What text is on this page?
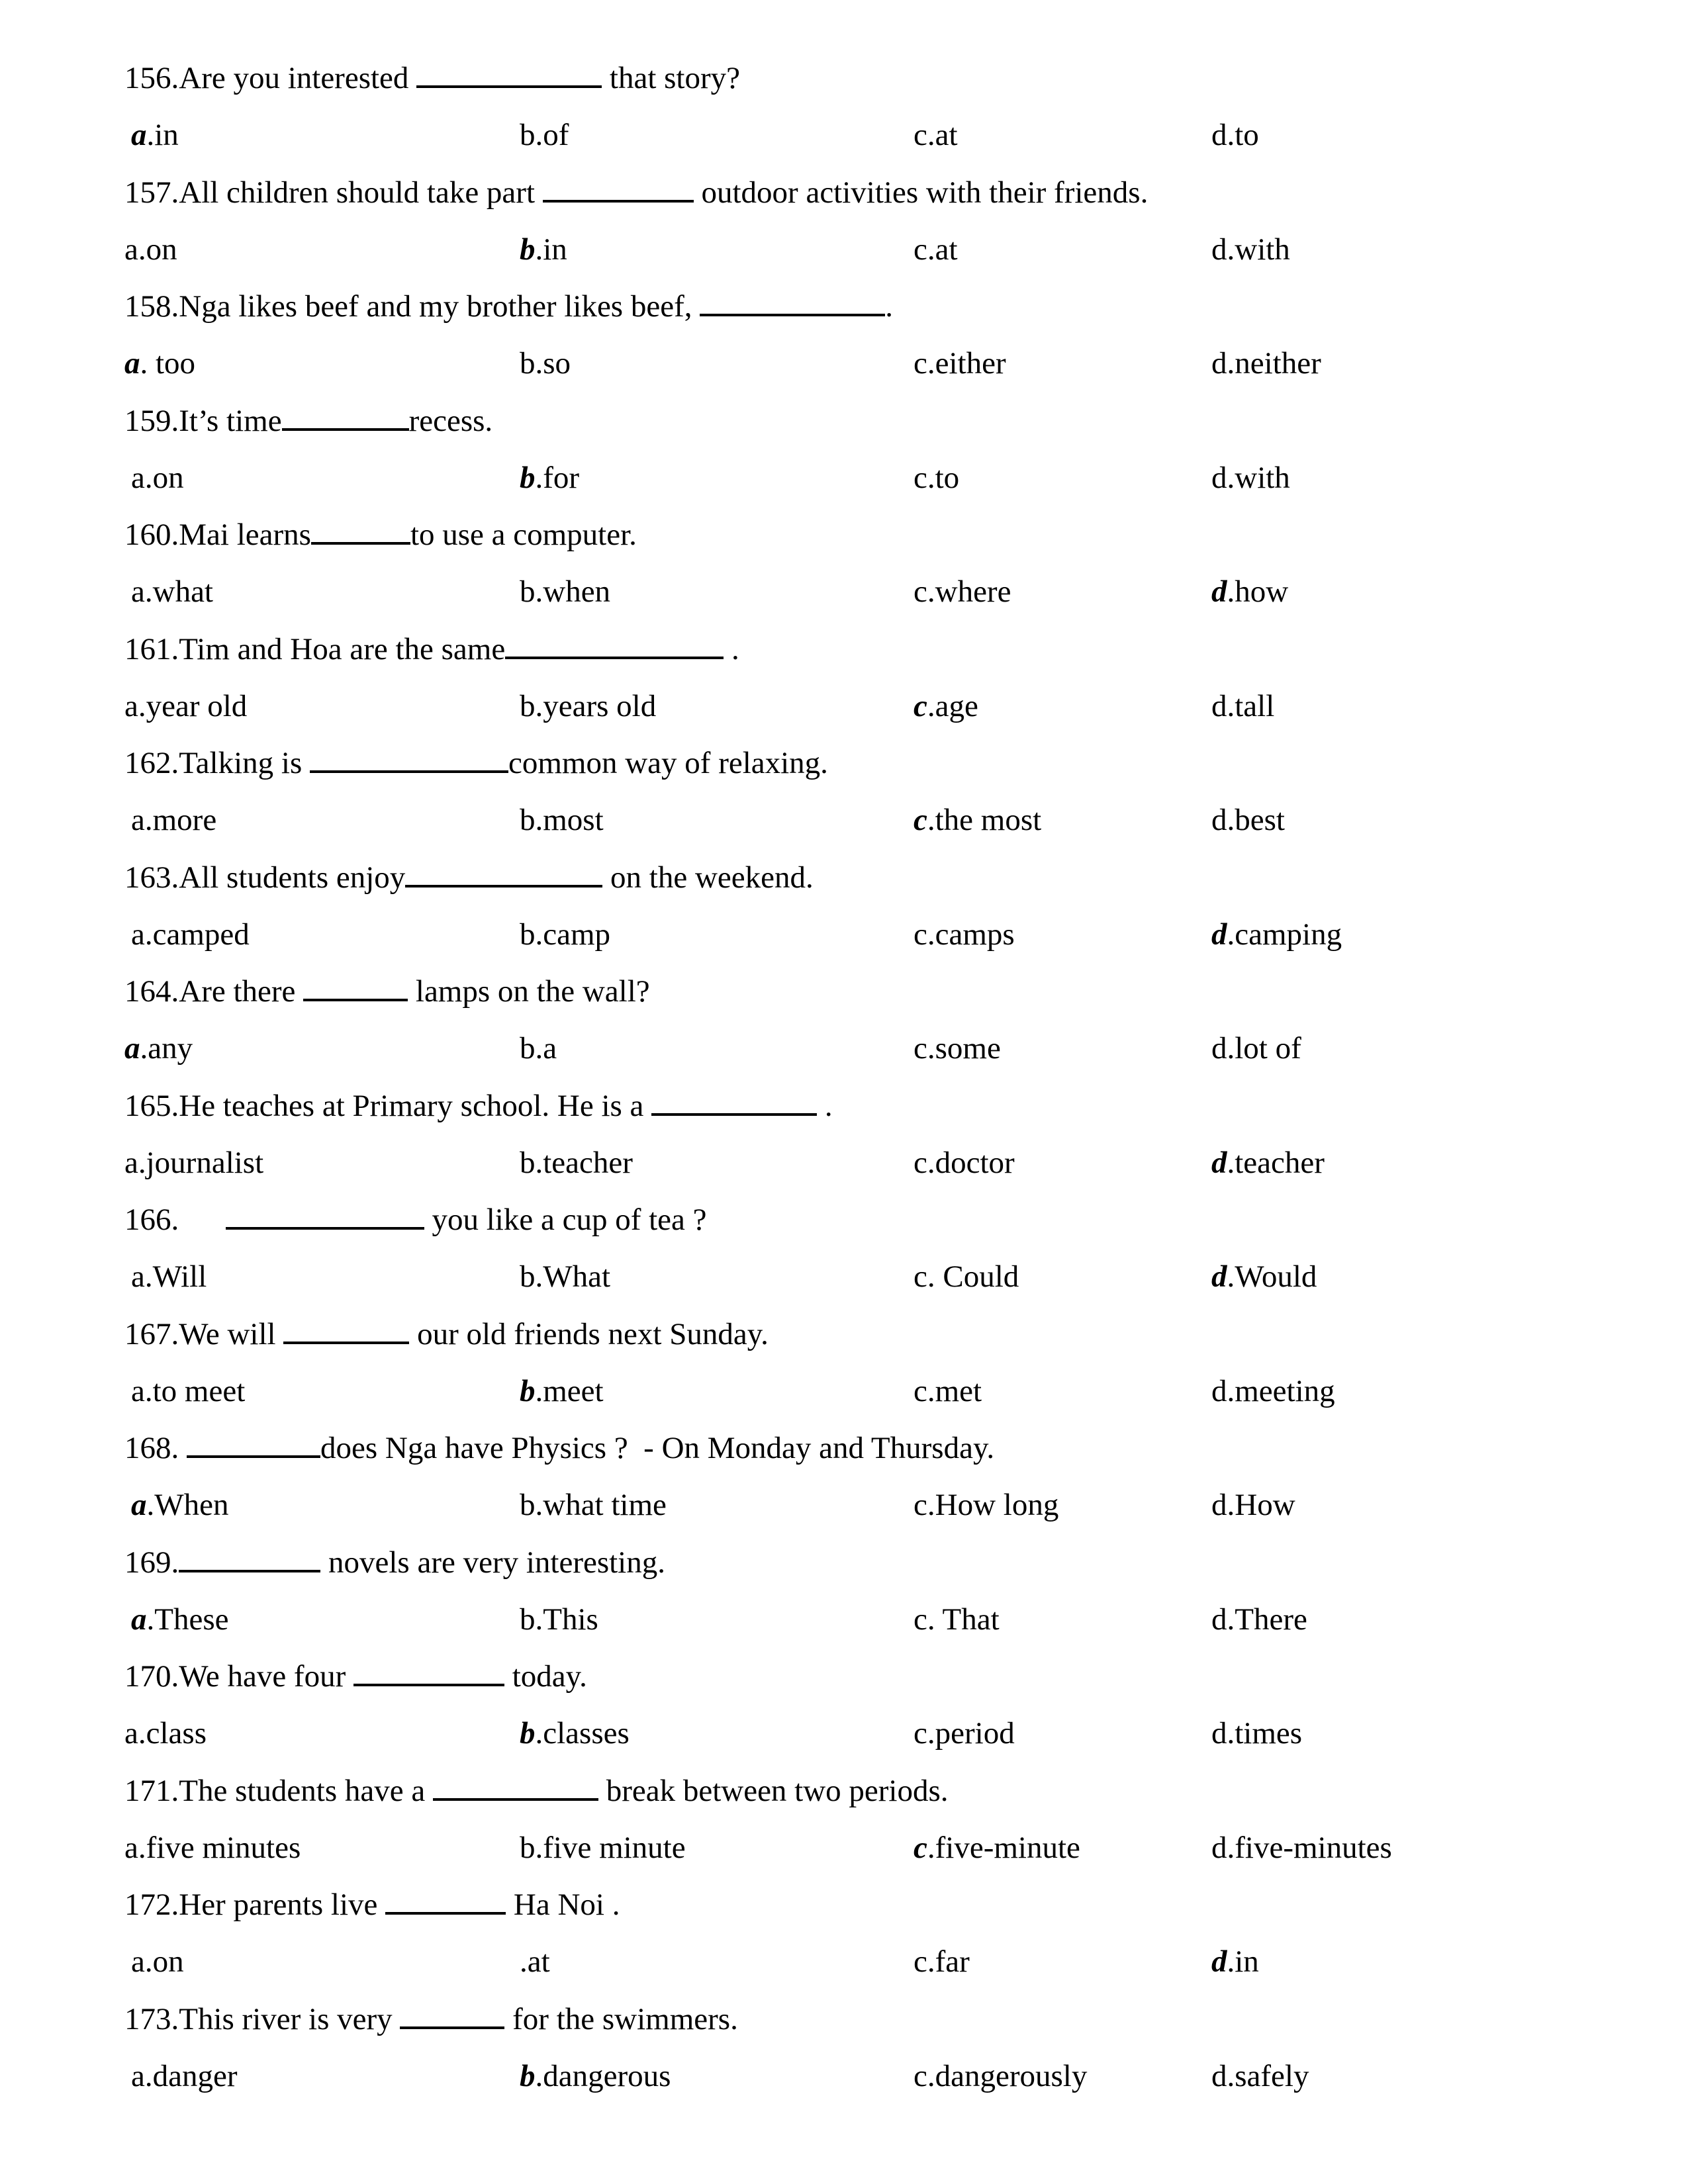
156.Are you interested	that story?
a.in	b.of	c.at	d.to
157.All children should take part	outdoor activities with their friends.
a.on	b.in	c.at	d.with
158.Nga likes beef and my brother likes beef,	.
a. too	b.so	c.either	d.neither
159.It’s time	recess.
a.on	b.for	c.to	d.with
160.Mai learns	to use a computer.
a.what	b.when	c.where	d.how
161.Tim and Hoa are the same	.
a.year old	b.years old	c.age	d.tall
162.Talking is	common way of relaxing.
a.more	b.most	c.the most	d.best
163.All students enjoy	on the weekend.
a.camped	b.camp	c.camps	d.camping
164.Are there	lamps on the wall?
a.any	b.a	c.some	d.lot of
165.He teaches at Primary school. He is a	.
a.journalist	b.teacher	c.doctor	d.teacher
166.	you like a cup of tea ?
a.Will	b.What	c. Could	d.Would
167.We will	our old friends next Sunday.
a.to meet	b.meet	c.met	d.meeting
168.	does Nga have Physics ?  - On Monday and Thursday.
a.When	b.what time	c.How long	d.How
169.	novels are very interesting.
a.These	b.This	c. That	d.There
170.We have four	today.
a.class	b.classes	c.period	d.times
171.The students have a	break between two periods.
a.five minutes	b.five minute	c.five-minute	d.five-minutes
172.Her parents live	Ha Noi .
a.on	.at	c.far	d.in
173.This river is very	for the swimmers.
a.danger	b.dangerous	c.dangerously	d.safely
